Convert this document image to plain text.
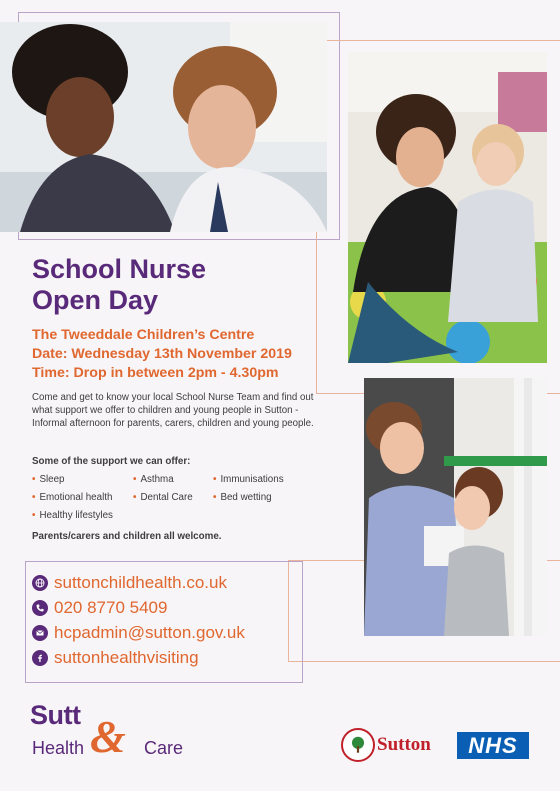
School Nurse
Open Day
The Tweeddale Children’s Centre
Date: Wednesday 13th November 2019
Time: Drop in between 2pm - 4.30pm
Come and get to know your local School Nurse Team and find out what support we offer to children and young people in Sutton - Informal afternoon for parents, carers, children and young people.
Some of the support we can offer:
• Sleep	• Asthma	• Immunisations
• Emotional health • Dental Care • Bed wetting
• Healthy lifestyles
Parents/carers and children all welcome.
suttonchildhealth.co.uk
020 8770 5409
hcpadmin@sutton.gov.uk
suttonhealthvisiting
Sutt &
Health	Care	Sutton	NHS
